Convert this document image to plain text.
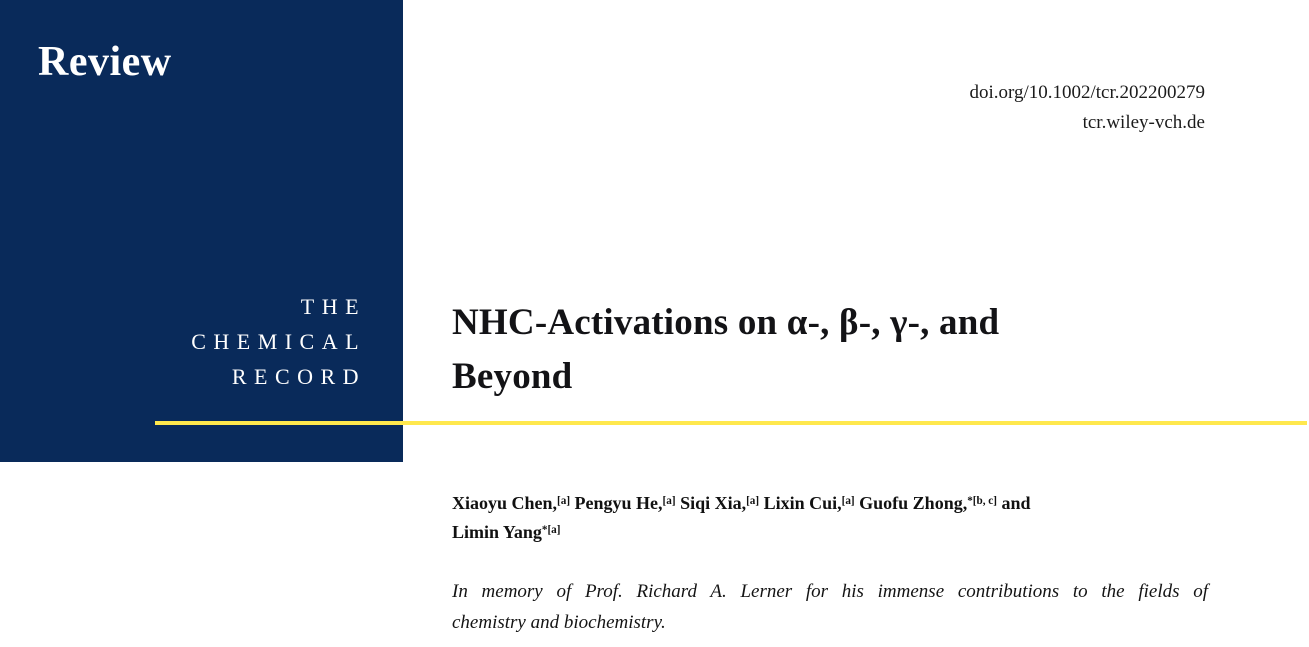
Review
THE
CHEMICAL
RECORD
doi.org/10.1002/tcr.202200279
tcr.wiley-vch.de
NHC-Activations on α-, β-, γ-, and
Beyond
Xiaoyu Chen,[a] Pengyu He,[a] Siqi Xia,[a] Lixin Cui,[a] Guofu Zhong,$^{*[b, c]}$ and
Limin Yang$^{*[a]}$
In memory of Prof. Richard A. Lerner for his immense contributions to the fields of
chemistry and biochemistry.
